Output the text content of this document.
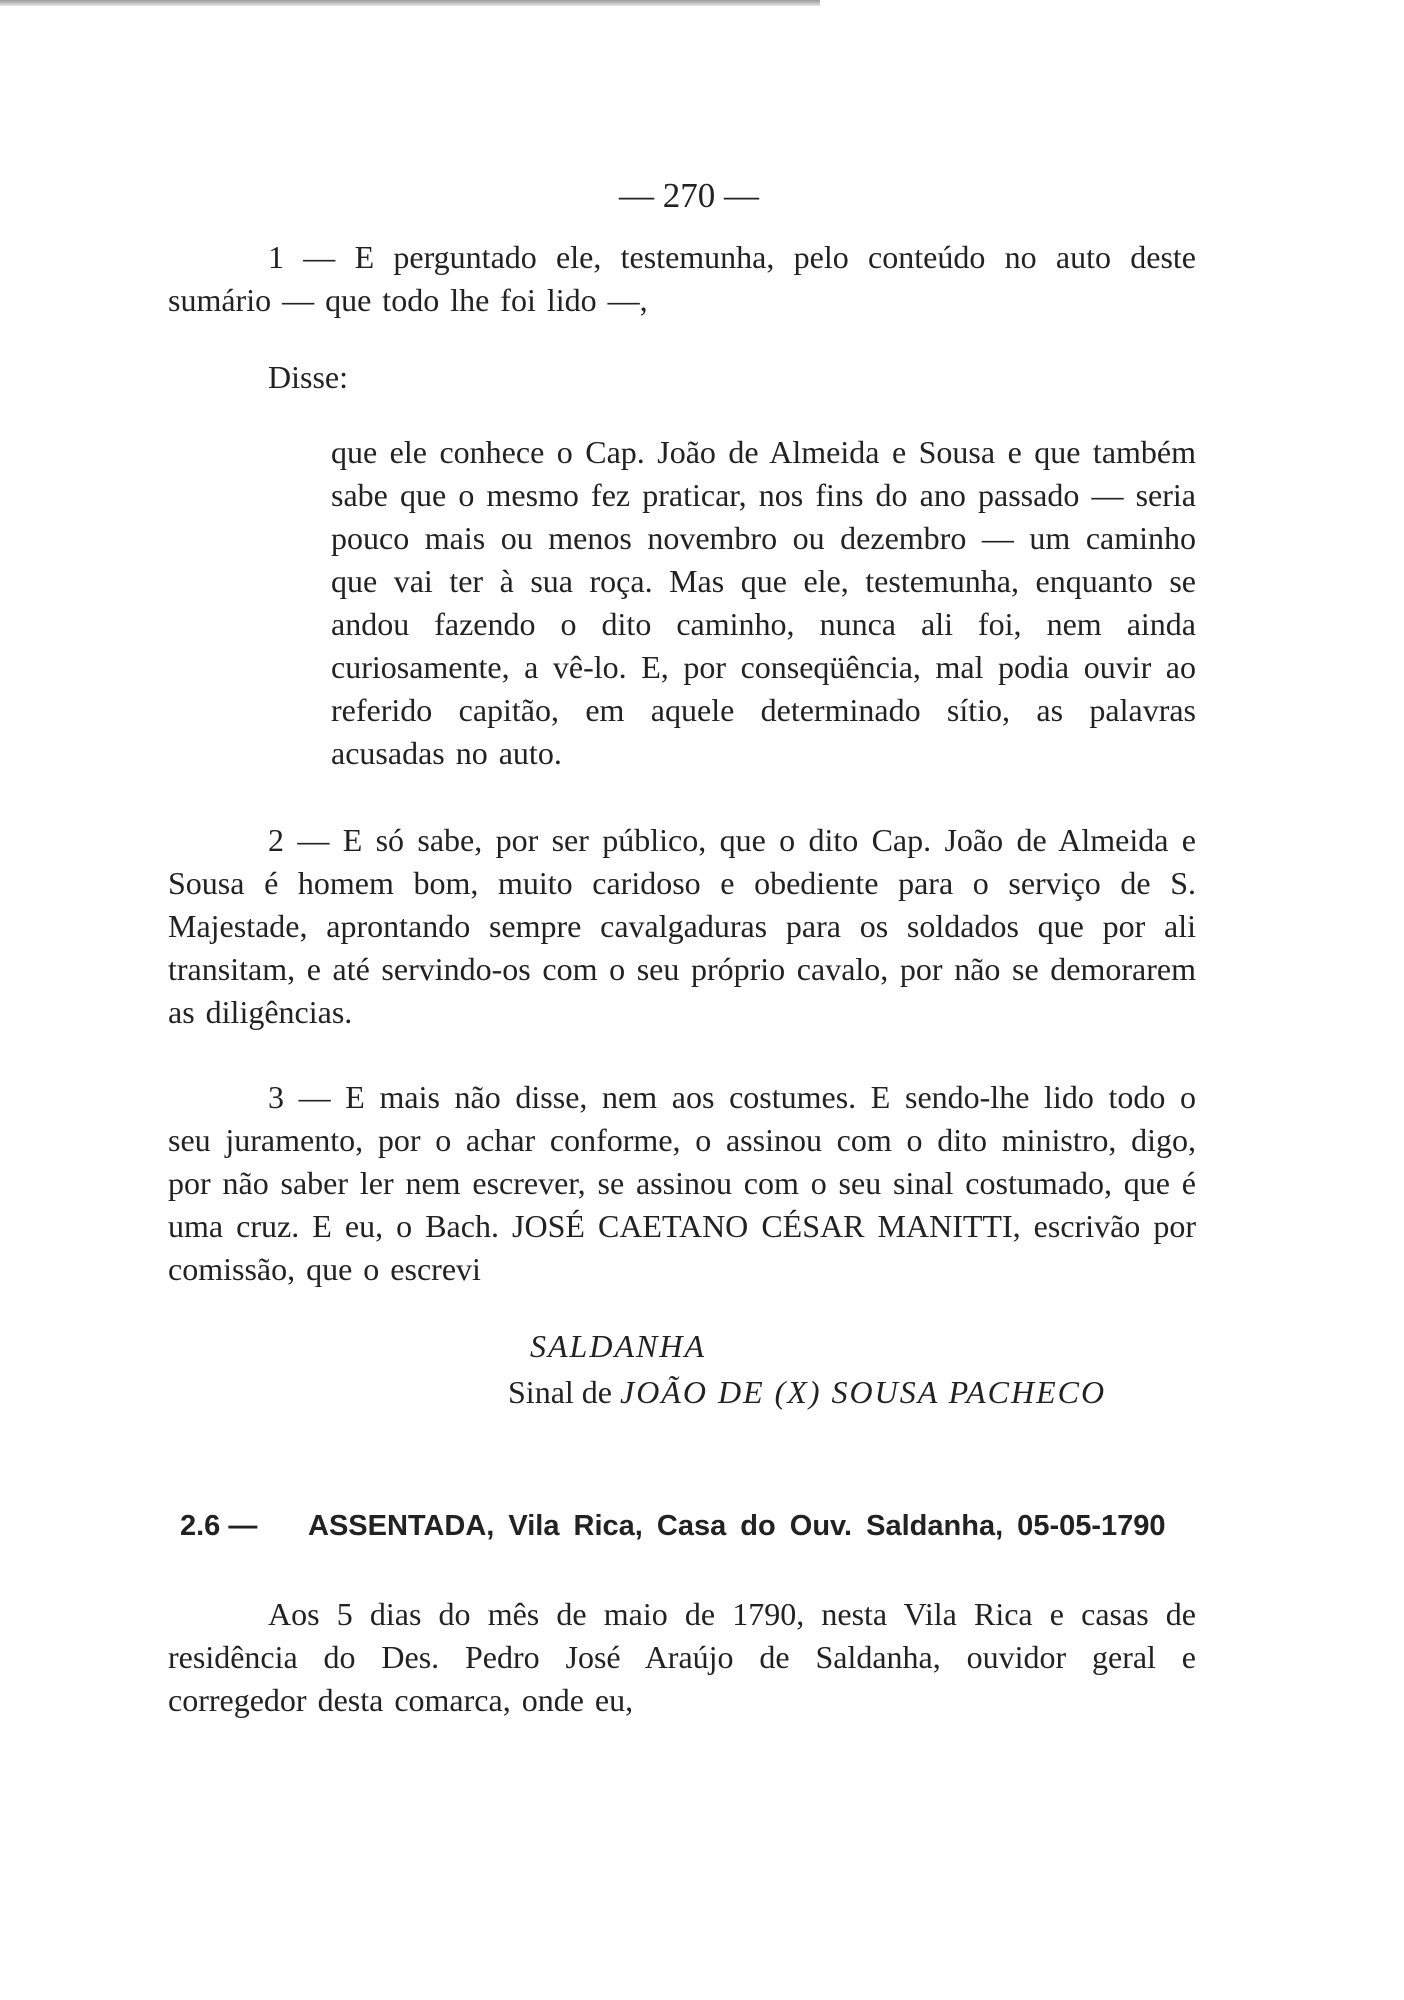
— 270 —

1 — E perguntado ele, testemunha, pelo conteúdo no auto deste sumário — que todo lhe foi lido —,

Disse:

que ele conhece o Cap. João de Almeida e Sousa e que também sabe que o mesmo fez praticar, nos fins do ano passado — seria pouco mais ou menos novembro ou dezembro — um caminho que vai ter à sua roça. Mas que ele, testemunha, enquanto se andou fazendo o dito caminho, nunca ali foi, nem ainda curiosamente, a vê-lo. E, por conseqüência, mal podia ouvir ao referido capitão, em aquele determinado sítio, as palavras acusadas no auto.

2 — E só sabe, por ser público, que o dito Cap. João de Almeida e Sousa é homem bom, muito caridoso e obediente para o serviço de S. Majestade, aprontando sempre cavalgaduras para os soldados que por ali transitam, e até servindo-os com o seu próprio cavalo, por não se demorarem as diligências.

3 — E mais não disse, nem aos costumes. E sendo-lhe lido todo o seu juramento, por o achar conforme, o assinou com o dito ministro, digo, por não saber ler nem escrever, se assinou com o seu sinal costumado, que é uma cruz. E eu, o Bach. JOSÉ CAETANO CÉSAR MANITTI, escrivão por comissão, que o escrevi

SALDANHA
Sinal de JOÃO DE (X) SOUSA PACHECO
2.6 —	ASSENTADA, Vila Rica, Casa do Ouv. Saldanha, 05-05-1790

Aos 5 dias do mês de maio de 1790, nesta Vila Rica e casas de residência do Des. Pedro José Araújo de Saldanha, ouvidor geral e corregedor desta comarca, onde eu,
